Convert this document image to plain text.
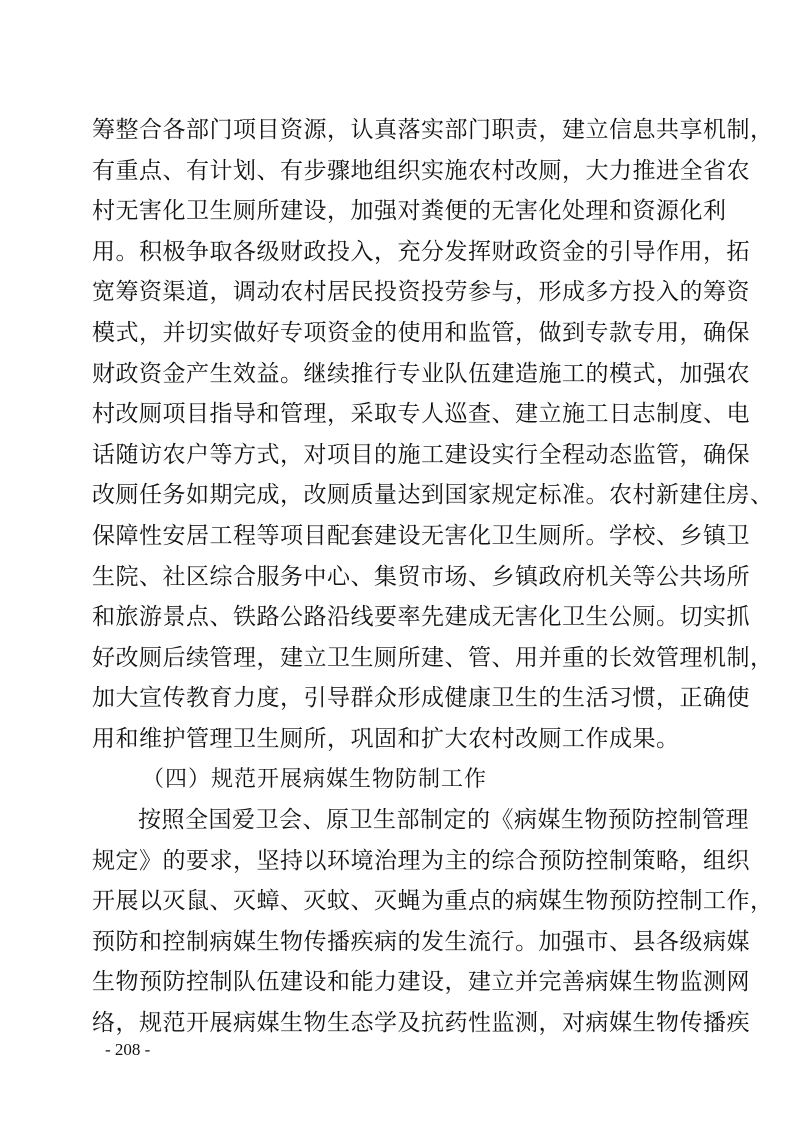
筹整合各部门项目资源，认真落实部门职责，建立信息共享机制，
有重点、有计划、有步骤地组织实施农村改厕，大力推进全省农
村无害化卫生厕所建设，加强对粪便的无害化处理和资源化利
用。积极争取各级财政投入，充分发挥财政资金的引导作用，拓
宽筹资渠道，调动农村居民投资投劳参与，形成多方投入的筹资
模式，并切实做好专项资金的使用和监管，做到专款专用，确保
财政资金产生效益。继续推行专业队伍建造施工的模式，加强农
村改厕项目指导和管理，采取专人巡查、建立施工日志制度、电
话随访农户等方式，对项目的施工建设实行全程动态监管，确保
改厕任务如期完成，改厕质量达到国家规定标准。农村新建住房、
保障性安居工程等项目配套建设无害化卫生厕所。学校、乡镇卫
生院、社区综合服务中心、集贸市场、乡镇政府机关等公共场所
和旅游景点、铁路公路沿线要率先建成无害化卫生公厕。切实抓
好改厕后续管理，建立卫生厕所建、管、用并重的长效管理机制，
加大宣传教育力度，引导群众形成健康卫生的生活习惯，正确使
用和维护管理卫生厕所，巩固和扩大农村改厕工作成果。
（四）规范开展病媒生物防制工作
按照全国爱卫会、原卫生部制定的《病媒生物预防控制管理
规定》的要求，坚持以环境治理为主的综合预防控制策略，组织
开展以灭鼠、灭蟑、灭蚊、灭蝇为重点的病媒生物预防控制工作，
预防和控制病媒生物传播疾病的发生流行。加强市、县各级病媒
生物预防控制队伍建设和能力建设，建立并完善病媒生物监测网
络，规范开展病媒生物生态学及抗药性监测，对病媒生物传播疾
- 208 -
